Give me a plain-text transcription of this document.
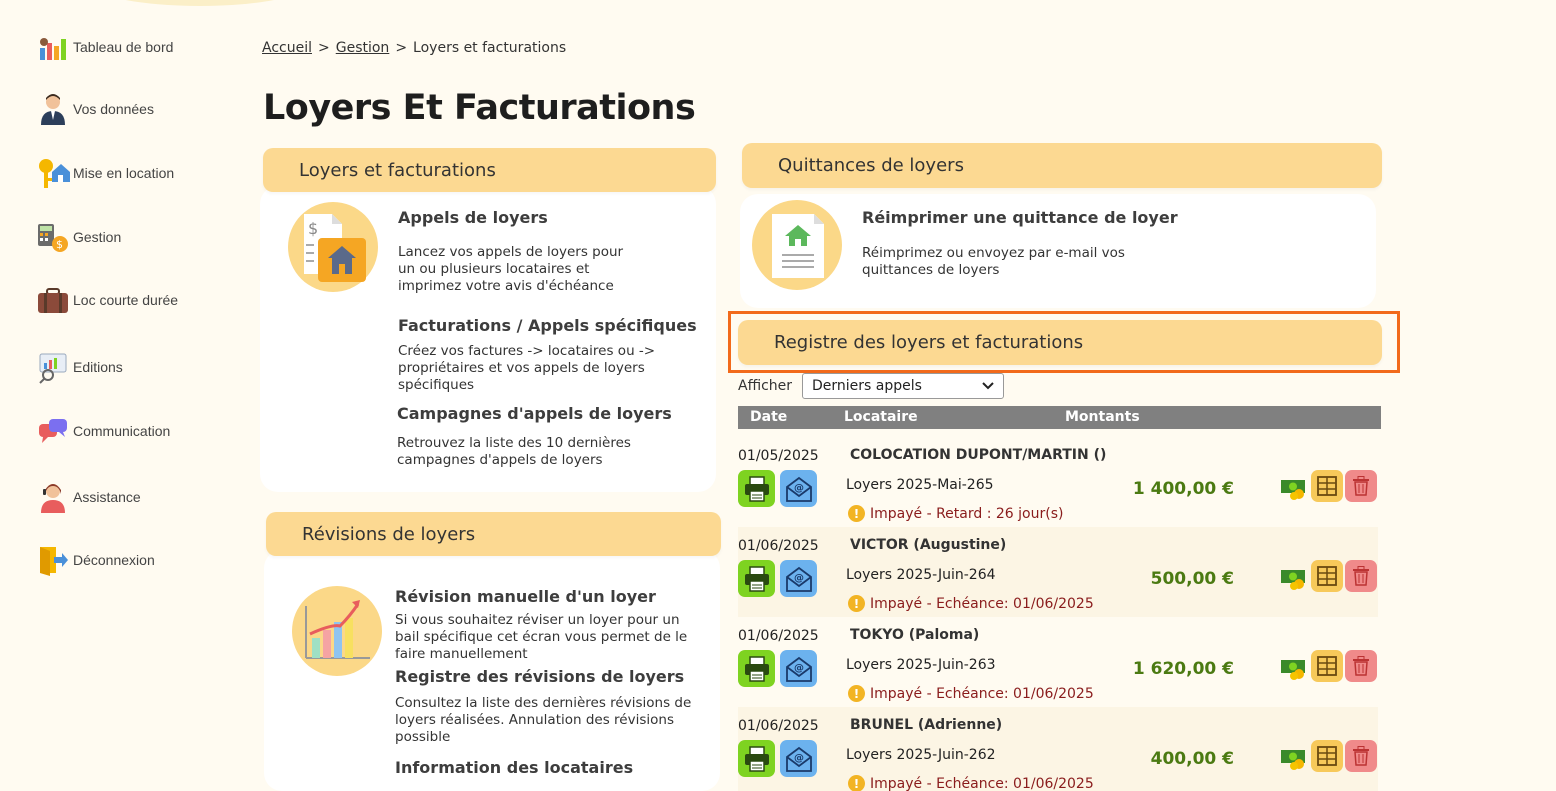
Tableau de bord
Vos données
Mise en location
$ Gestion
Loc courte durée
Editions
Communication
Assistance
Déconnexion
Accueil > Gestion > Loyers et facturations
Loyers Et Facturations
Loyers et facturations
$
Appels de loyers
Lancez vos appels de loyers pour un ou plusieurs locataires et imprimez votre avis d'échéance
Facturations / Appels spécifiques
Créez vos factures -> locataires ou -> propriétaires et vos appels de loyers spécifiques
Campagnes d'appels de loyers
Retrouvez la liste des 10 dernières campagnes d'appels de loyers
Révisions de loyers
Révision manuelle d'un loyer
Si vous souhaitez réviser un loyer pour un bail spécifique cet écran vous permet de le faire manuellement
Registre des révisions de loyers
Consultez la liste des dernières révisions de loyers réalisées. Annulation des révisions possible
Information des locataires
Quittances de loyers
Réimprimer une quittance de loyer
Réimprimez ou envoyez par e-mail vos quittances de loyers
Registre des loyers et facturations
Afficher Derniers appels
Date	Locataire	Montants
01/05/2025 COLOCATION DUPONT/MARTIN ()
Loyers 2025-Mai-265
! Impayé - Retard : 26 jour(s)
1 400,00 €
@
01/06/2025 VICTOR (Augustine)
Loyers 2025-Juin-264
! Impayé - Echéance: 01/06/2025
500,00 €
@
01/06/2025 TOKYO (Paloma)
Loyers 2025-Juin-263
! Impayé - Echéance: 01/06/2025
1 620,00 €
@
01/06/2025 BRUNEL (Adrienne)
Loyers 2025-Juin-262
! Impayé - Echéance: 01/06/2025
400,00 €
@
